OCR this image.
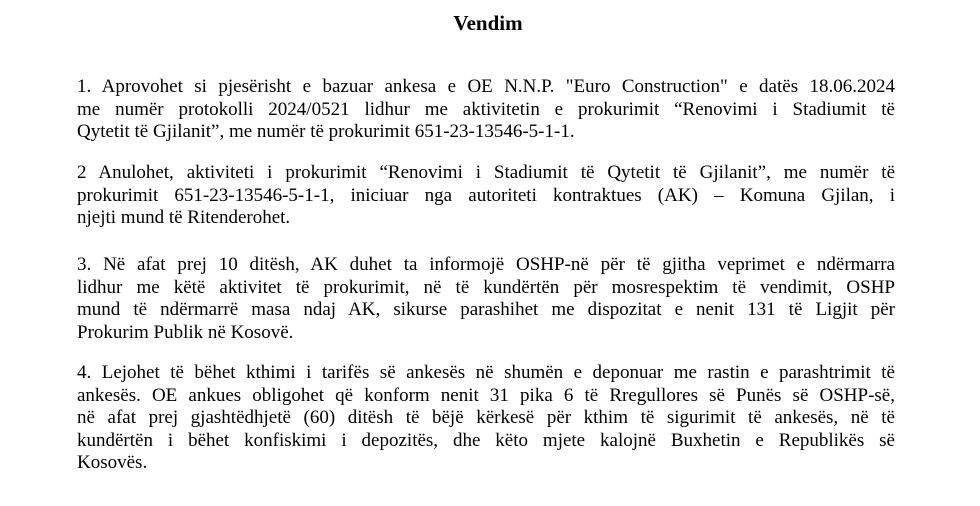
Vendim
1. Aprovohet si pjesërisht e bazuar ankesa e OE N.N.P. "Euro Construction" e datës 18.06.2024
me numër protokolli 2024/0521 lidhur me aktivitetin e prokurimit “Renovimi i Stadiumit të
Qytetit të Gjilanit”, me numër të prokurimit 651-23-13546-5-1-1.
2 Anulohet, aktiviteti i prokurimit “Renovimi i Stadiumit të Qytetit të Gjilanit”, me numër të
prokurimit 651-23-13546-5-1-1, iniciuar nga autoriteti kontraktues (AK) – Komuna Gjilan, i
njejti mund të Ritenderohet.
3. Në afat prej 10 ditësh, AK duhet ta informojë OSHP-në për të gjitha veprimet e ndërmarra
lidhur me këtë aktivitet të prokurimit, në të kundërtën për mosrespektim të vendimit, OSHP
mund të ndërmarrë masa ndaj AK, sikurse parashihet me dispozitat e nenit 131 të Ligjit për
Prokurim Publik në Kosovë.
4. Lejohet të bëhet kthimi i tarifës së ankesës në shumën e deponuar me rastin e parashtrimit të
ankesës. OE ankues obligohet që konform nenit 31 pika 6 të Rregullores së Punës së OSHP-së,
në afat prej gjashtëdhjetë (60) ditësh të bëjë kërkesë për kthim të sigurimit të ankesës, në të
kundërtën i bëhet konfiskimi i depozitës, dhe këto mjete kalojnë Buxhetin e Republikës së
Kosovës.
